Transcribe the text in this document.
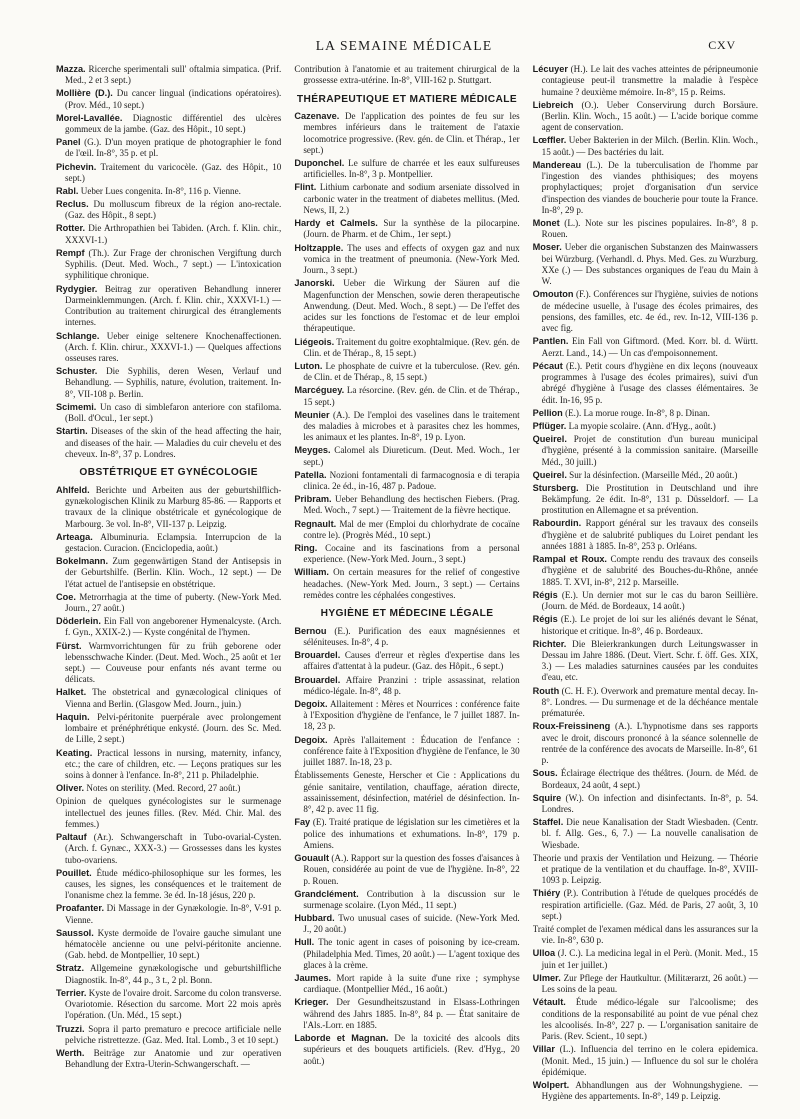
LA SEMAINE MÉDICALE	CXV

Mazza. Ricerche sperimentali sull' oftalmia simpatica. (Prif. Med., 2 et 3 sept.)

Mollière (D.). Du cancer lingual (indications opératoires). (Prov. Méd., 10 sept.)

Morel-Lavallée. Diagnostic différentiel des ulcères gommeux de la jambe. (Gaz. des Hôpit., 10 sept.)

Panel (G.). D'un moyen pratique de photographier le fond de l'œil. In-8°, 35 p. et pl.

Pichevin. Traitement du varicocèle. (Gaz. des Hôpit., 10 sept.)

Rabl. Ueber Lues congenita. In-8°, 116 p. Vienne.

Reclus. Du molluscum fibreux de la région ano-rectale. (Gaz. des Hôpit., 8 sept.)

Rotter. Die Arthropathien bei Tabiden. (Arch. f. Klin. chir., XXXVI-1.)

Rempf (Th.). Zur Frage der chronischen Vergiftung durch Syphilis. (Deut. Med. Woch., 7 sept.) — L'intoxication syphilitique chronique.

Rydygier. Beitrag zur operativen Behandlung innerer Darmeinklemmungen. (Arch. f. Klin. chir., XXXVI-1.) — Contribution au traitement chirurgical des étranglements internes.

Schlange. Ueber einige seltenere Knochenaffectionen. (Arch. f. Klin. chirur., XXXVI-1.) — Quelques affections osseuses rares.

Schuster. Die Syphilis, deren Wesen, Verlauf und Behandlung. — Syphilis, nature, évolution, traitement. In-8°, VII-108 p. Berlin.

Scimemi. Un caso di simblefaron anteriore con stafiloma. (Boll. d'Ocul., 1er sept.)

Startin. Diseases of the skin of the head affecting the hair, and diseases of the hair. — Maladies du cuir chevelu et des cheveux. In-8°, 37 p. Londres.

OBSTÉTRIQUE ET GYNÉCOLOGIE

Ahlfeld. Berichte und Arbeiten aus der geburtshilflich-gynækologischen Klinik zu Marburg 85-86. — Rapports et travaux de la clinique obstétricale et gynécologique de Marbourg. 3e vol. In-8°, VII-137 p. Leipzig.

Arteaga. Albuminuria. Eclampsia. Interrupcion de la gestacion. Curacion. (Enciclopedia, août.)

Bokelmann. Zum gegenwärtigen Stand der Antisepsis in der Geburtshilfe. (Berlin. Klin. Woch., 12 sept.) — De l'état actuel de l'antisepsie en obstétrique.

Coe. Metrorrhagia at the time of puberty. (New-York Med. Journ., 27 août.)

Döderlein. Ein Fall von angeborener Hymenalcyste. (Arch. f. Gyn., XXIX-2.) — Kyste congénital de l'hymen.

Fürst. Warmvorrichtungen für zu früh geborene oder lebensschwache Kinder. (Deut. Med. Woch., 25 août et 1er sept.) — Couveuse pour enfants nés avant terme ou délicats.

Halket. The obstetrical and gynæcological cliniques of Vienna and Berlin. (Glasgow Med. Journ., juin.)

Haquin. Pelvi-péritonite puerpérale avec prolongement lombaire et prénéphrétique enkysté. (Journ. des Sc. Med. de Lille, 2 sept.)

Keating. Practical lessons in nursing, maternity, infancy, etc.; the care of children, etc. — Leçons pratiques sur les soins à donner à l'enfance. In-8°, 211 p. Philadelphie.

Oliver. Notes on sterility. (Med. Record, 27 août.)

Opinion de quelques gynécologistes sur le surmenage intellectuel des jeunes filles. (Rev. Méd. Chir. Mal. des femmes.)

Paltauf (Ar.). Schwangerschaft in Tubo-ovarial-Cysten. (Arch. f. Gynæc., XXX-3.) — Grossesses dans les kystes tubo-ovariens.

Pouillet. Étude médico-philosophique sur les formes, les causes, les signes, les conséquences et le traitement de l'onanisme chez la femme. 3e éd. In-18 jésus, 220 p.

Proafanter. Di Massage in der Gynækologie. In-8°, V-91 p. Vienne.

Saussol. Kyste dermoïde de l'ovaire gauche simulant une hématocèle ancienne ou une pelvi-péritonite ancienne. (Gab. hebd. de Montpellier, 10 sept.)

Stratz. Allgemeine gynækologische und geburtshilfliche Diagnostik. In-8°, 44 p., 3 t., 2 pl. Bonn.

Terrier. Kyste de l'ovaire droit. Sarcome du colon transverse. Ovariotomie. Résection du sarcome. Mort 22 mois après l'opération. (Un. Méd., 15 sept.)

Truzzi. Sopra il parto prematuro e precoce artificiale nelle pelviche ristrettezze. (Gaz. Med. Ital. Lomb., 3 et 10 sept.)

Werth. Beiträge zur Anatomie und zur operativen Behandlung der Extra-Uterin-Schwangerschaft. —

Contribution à l'anatomie et au traitement chirurgical de la grossesse extra-utérine. In-8°, VIII-162 p. Stuttgart.

THÉRAPEUTIQUE ET MATIERE MÉDICALE

Cazenave. De l'application des pointes de feu sur les membres inférieurs dans le traitement de l'ataxie locomotrice progressive. (Rev. gén. de Clin. et Thérap., 1er sept.)

Duponchel. Le sulfure de charrée et les eaux sulfureuses artificielles. In-8°, 3 p. Montpellier.

Flint. Lithium carbonate and sodium arseniate dissolved in carbonic water in the treatment of diabetes mellitus. (Med. News, II, 2.)

Hardy et Calmels. Sur la synthèse de la pilocarpine. (Journ. de Pharm. et de Chim., 1er sept.)

Holtzapple. The uses and effects of oxygen gaz and nux vomica in the treatment of pneumonia. (New-York Med. Journ., 3 sept.)

Janorski. Ueber die Wirkung der Säuren auf die Magenfunction der Menschen, sowie deren therapeutische Anwendung. (Deut. Med. Woch., 8 sept.) — De l'effet des acides sur les fonctions de l'estomac et de leur emploi thérapeutique.

Liégeois. Traitement du goitre exophtalmique. (Rev. gén. de Clin. et de Thérap., 8, 15 sept.)

Luton. Le phosphate de cuivre et la tuberculose. (Rev. gén. de Clin. et de Thérap., 8, 15 sept.)

Marcéguey. La résorcine. (Rev. gén. de Clin. et de Thérap., 15 sept.)

Meunier (A.). De l'emploi des vaselines dans le traitement des maladies à microbes et à parasites chez les hommes, les animaux et les plantes. In-8°, 19 p. Lyon.

Meyges. Calomel als Diureticum. (Deut. Med. Woch., 1er sept.)

Patella. Nozioni fontamentali di farmacognosia e di terapia clinica. 2e éd., in-16, 487 p. Padoue.

Pribram. Ueber Behandlung des hectischen Fiebers. (Prag. Med. Woch., 7 sept.) — Traitement de la fièvre hectique.

Regnault. Mal de mer (Emploi du chlorhydrate de cocaïne contre le). (Progrès Méd., 10 sept.)

Ring. Cocaine and its fascinations from a personal experience. (New-York Med. Journ., 3 sept.)

William. On certain measures for the relief of congestive headaches. (New-York Med. Journ., 3 sept.) — Certains remèdes contre les céphalées congestives.

HYGIÈNE ET MÉDECINE LÉGALE

Bernou (E.). Purification des eaux magnésiennes et séléniteuses. In-8°, 4 p.

Brouardel. Causes d'erreur et règles d'expertise dans les affaires d'attentat à la pudeur. (Gaz. des Hôpit., 6 sept.)

Brouardel. Affaire Pranzini : triple assassinat, relation médico-légale. In-8°, 48 p.

Degoix. Allaitement : Mères et Nourrices : conférence faite à l'Exposition d'hygiène de l'enfance, le 7 juillet 1887. In-18, 23 p.

Degoix. Après l'allaitement : Éducation de l'enfance : conférence faite à l'Exposition d'hygiène de l'enfance, le 30 juillet 1887. In-18, 23 p.

Établissements Geneste, Herscher et Cie : Applications du génie sanitaire, ventilation, chauffage, aération directe, assainissement, désinfection, matériel de désinfection. In-8°, 42 p. avec 11 fig.

Fay (E). Traité pratique de législation sur les cimetières et la police des inhumations et exhumations. In-8°, 179 p. Amiens.

Gouault (A.). Rapport sur la question des fosses d'aisances à Rouen, considérée au point de vue de l'hygiène. In-8°, 22 p. Rouen.

Grandclément. Contribution à la discussion sur le surmenage scolaire. (Lyon Méd., 11 sept.)

Hubbard. Two unusual cases of suicide. (New-York Med. J., 20 août.)

Hull. The tonic agent in cases of poisoning by ice-cream. (Philadelphia Med. Times, 20 août.) — L'agent toxique des glaces à la crème.

Jaumes. Mort rapide à la suite d'une rixe ; symphyse cardiaque. (Montpellier Méd., 16 août.)

Krieger. Der Gesundheitszustand in Elsass-Lothringen während des Jahrs 1885. In-8°, 84 p. — État sanitaire de l'Als.-Lorr. en 1885.

Laborde et Magnan. De la toxicité des alcools dits supérieurs et des bouquets artificiels. (Rev. d'Hyg., 20 août.)

Lécuyer (H.). Le lait des vaches atteintes de péripneumonie contagieuse peut-il transmettre la maladie à l'espèce humaine ? deuxième mémoire. In-8°, 15 p. Reims.

Liebreich (O.). Ueber Conservirung durch Borsäure. (Berlin. Klin. Woch., 15 août.) — L'acide borique comme agent de conservation.

Lœffler. Ueber Bakterien in der Milch. (Berlin. Klin. Woch., 15 août.) — Des bactéries du lait.

Mandereau (L.). De la tuberculisation de l'homme par l'ingestion des viandes phthisiques; des moyens prophylactiques; projet d'organisation d'un service d'inspection des viandes de boucherie pour toute la France. In-8°, 29 p.

Monet (L.). Note sur les piscines populaires. In-8°, 8 p. Rouen.

Moser. Ueber die organischen Substanzen des Mainwassers bei Würzburg. (Verhandl. d. Phys. Med. Ges. zu Wurzburg. XXe (.) — Des substances organiques de l'eau du Main à W.

Omouton (F.). Conférences sur l'hygiène, suivies de notions de médecine usuelle, à l'usage des écoles primaires, des pensions, des familles, etc. 4e éd., rev. In-12, VIII-136 p. avec fig.

Pantlen. Ein Fall von Giftmord. (Med. Korr. bl. d. Württ. Aerzt. Land., 14.) — Un cas d'empoisonnement.

Pécaut (E.). Petit cours d'hygiène en dix leçons (nouveaux programmes à l'usage des écoles primaires), suivi d'un abrégé d'hygiène à l'usage des classes élémentaires. 3e édit. In-16, 95 p.

Pellion (E.). La morue rouge. In-8°, 8 p. Dinan.

Pflüger. La myopie scolaire. (Ann. d'Hyg., août.)

Queirel. Projet de constitution d'un bureau municipal d'hygiène, présenté à la commission sanitaire. (Marseille Méd., 30 juill.)

Queirel. Sur la désinfection. (Marseille Méd., 20 août.)

Stursberg. Die Prostitution in Deutschland und ihre Bekämpfung. 2e édit. In-8°, 131 p. Düsseldorf. — La prostitution en Allemagne et sa prévention.

Rabourdin. Rapport général sur les travaux des conseils d'hygiène et de salubrité publiques du Loiret pendant les années 1881 à 1885. In-8°, 253 p. Orléans.

Rampal et Roux. Compte rendu des travaux des conseils d'hygiène et de salubrité des Bouches-du-Rhône, année 1885. T. XVI, in-8°, 212 p. Marseille.

Régis (E.). Un dernier mot sur le cas du baron Seillière. (Journ. de Méd. de Bordeaux, 14 août.)

Régis (E.). Le projet de loi sur les aliénés devant le Sénat, historique et critique. In-8°, 46 p. Bordeaux.

Richter. Die Bleierkrankungen durch Leitungswasser in Dessau im Jahre 1886. (Deut. Viert. Schr. f. öff. Ges. XIX, 3.) — Les maladies saturnines causées par les conduites d'eau, etc.

Routh (C. H. F.). Overwork and premature mental decay. In-8°. Londres. — Du surmenage et de la déchéance mentale prématurée.

Roux-Freissineng (A.). L'hypnotisme dans ses rapports avec le droit, discours prononcé à la séance solennelle de rentrée de la conférence des avocats de Marseille. In-8°, 61 p.

Sous. Éclairage électrique des théâtres. (Journ. de Méd. de Bordeaux, 24 août, 4 sept.)

Squire (W.). On infection and disinfectants. In-8°, p. 54. Londres.

Staffel. Die neue Kanalisation der Stadt Wiesbaden. (Centr. bl. f. Allg. Ges., 6, 7.) — La nouvelle canalisation de Wiesbade.

Theorie und praxis der Ventilation und Heizung. — Théorie et pratique de la ventilation et du chauffage. In-8°, XVIII-1093 p. Leipzig.

Thiéry (P.). Contribution à l'étude de quelques procédés de respiration artificielle. (Gaz. Méd. de Paris, 27 août, 3, 10 sept.)

Traité complet de l'examen médical dans les assurances sur la vie. In-8°, 630 p.

Ulloa (J. C.). La medicina legal in el Perù. (Monit. Med., 15 juin et 1er juillet.)

Ulmer. Zur Pflege der Hautkultur. (Militærarzt, 26 août.) — Les soins de la peau.

Vétault. Étude médico-légale sur l'alcoolisme; des conditions de la responsabilité au point de vue pénal chez les alcoolisés. In-8°, 227 p. — L'organisation sanitaire de Paris. (Rev. Scient., 10 sept.)

Villar (L.). Influencia del terrino en le colera epidemica. (Monit. Med., 15 juin.) — Influence du sol sur le choléra épidémique.

Wolpert. Abhandlungen aus der Wohnungshygiene. — Hygiène des appartements. In-8°, 149 p. Leipzig.
